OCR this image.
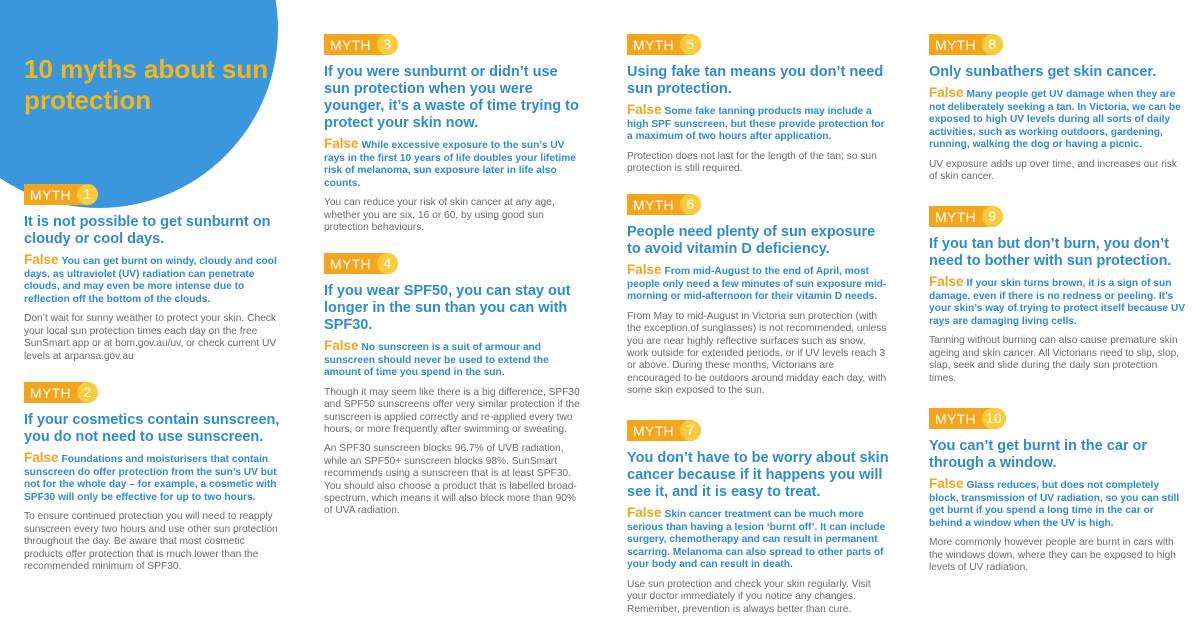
10 myths about sun protection
MYTH 1
It is not possible to get sunburnt on cloudy or cool days.

False You can get burnt on windy, cloudy and cool days, as ultraviolet (UV) radiation can penetrate clouds, and may even be more intense due to reflection off the bottom of the clouds.

Don’t wait for sunny weather to protect your skin. Check your local sun protection times each day on the free SunSmart app or at bom.gov.au/uv, or check current UV levels at arpansa.gov.au

MYTH 2
If your cosmetics contain sunscreen, you do not need to use sunscreen.

False Foundations and moisturisers that contain sunscreen do offer protection from the sun’s UV but not for the whole day – for example, a cosmetic with SPF30 will only be effective for up to two hours.

To ensure continued protection you will need to reapply sunscreen every two hours and use other sun protection throughout the day. Be aware that most cosmetic products offer protection that is much lower than the recommended minimum of SPF30.

MYTH 3
If you were sunburnt or didn’t use sun protection when you were younger, it’s a waste of time trying to protect your skin now.

False While excessive exposure to the sun’s UV rays in the first 10 years of life doubles your lifetime risk of melanoma, sun exposure later in life also counts.

You can reduce your risk of skin cancer at any age, whether you are six, 16 or 60, by using good sun protection behaviours.

MYTH 4
If you wear SPF50, you can stay out longer in the sun than you can with SPF30.

False No sunscreen is a suit of armour and sunscreen should never be used to extend the amount of time you spend in the sun.

Though it may seem like there is a big difference, SPF30 and SPF50 sunscreens offer very similar protection if the sunscreen is applied correctly and re-applied every two hours, or more frequently after swimming or sweating.

An SPF30 sunscreen blocks 96.7% of UVB radiation, while an SPF50+ sunscreen blocks 98%. SunSmart recommends using a sunscreen that is at least SPF30. You should also choose a product that is labelled broad-spectrum, which means it will also block more than 90% of UVA radiation.

MYTH 5
Using fake tan means you don’t need sun protection.

False Some fake tanning products may include a high SPF sunscreen, but these provide protection for a maximum of two hours after application.

Protection does not last for the length of the tan; so sun protection is still required.

MYTH 6
People need plenty of sun exposure to avoid vitamin D deficiency.

False From mid-August to the end of April, most people only need a few minutes of sun exposure mid-morning or mid-afternoon for their vitamin D needs.

From May to mid-August in Victoria sun protection (with the exception of sunglasses) is not recommended, unless you are near highly reflective surfaces such as snow, work outside for extended periods, or if UV levels reach 3 or above. During these months, Victorians are encouraged to be outdoors around midday each day, with some skin exposed to the sun.

MYTH 7
You don’t have to be worry about skin cancer because if it happens you will see it, and it is easy to treat.

False Skin cancer treatment can be much more serious than having a lesion ‘burnt off’. It can include surgery, chemotherapy and can result in permanent scarring. Melanoma can also spread to other parts of your body and can result in death.

Use sun protection and check your skin regularly. Visit your doctor immediately if you notice any changes. Remember, prevention is always better than cure.

MYTH 8
Only sunbathers get skin cancer.

False Many people get UV damage when they are not deliberately seeking a tan. In Victoria, we can be exposed to high UV levels during all sorts of daily activities, such as working outdoors, gardening, running, walking the dog or having a picnic.

UV exposure adds up over time, and increases our risk of skin cancer.

MYTH 9
If you tan but don’t burn, you don’t need to bother with sun protection.

False If your skin turns brown, it is a sign of sun damage, even if there is no redness or peeling. It’s your skin’s way of trying to protect itself because UV rays are damaging living cells.

Tanning without burning can also cause premature skin ageing and skin cancer. All Victorians need to slip, slop, slap, seek and slide during the daily sun protection times.

MYTH 10
You can’t get burnt in the car or through a window.

False Glass reduces, but does not completely block, transmission of UV radiation, so you can still get burnt if you spend a long time in the car or behind a window when the UV is high.

More commonly however people are burnt in cars with the windows down, where they can be exposed to high levels of UV radiation.
